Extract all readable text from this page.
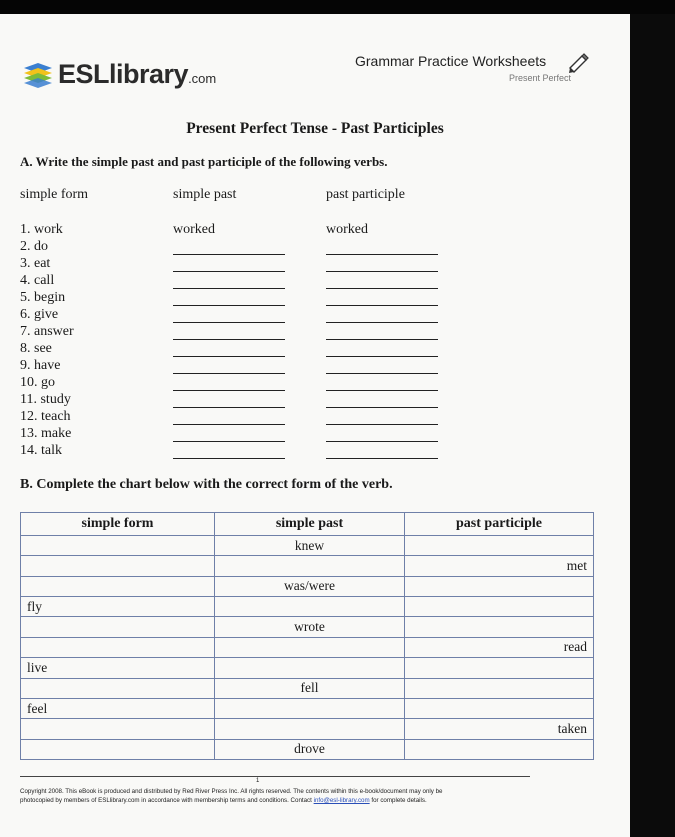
ESLlibrary.com
Grammar Practice Worksheets
Present Perfect
Present Perfect Tense - Past Participles
A. Write the simple past and past participle of the following verbs.
simple form	simple past	past participle
1. work	worked	worked
2. do
3. eat
4. call
5. begin
6. give
7. answer
8. see
9. have
10. go
11. study
12. teach
13. make
14. talk
B. Complete the chart below with the correct form of the verb.
simple form	simple past	past participle
	knew	
		met
	was/were	
fly		
	wrote	
		read
live		
	fell	
feel		
		taken
	drove	
1
Copyright 2008. This eBook is produced and distributed by Red River Press Inc. All rights reserved. The contents within this e-book/document may only be
photocopied by members of ESLlibrary.com in accordance with membership terms and conditions. Contact info@esl-library.com for complete details.
